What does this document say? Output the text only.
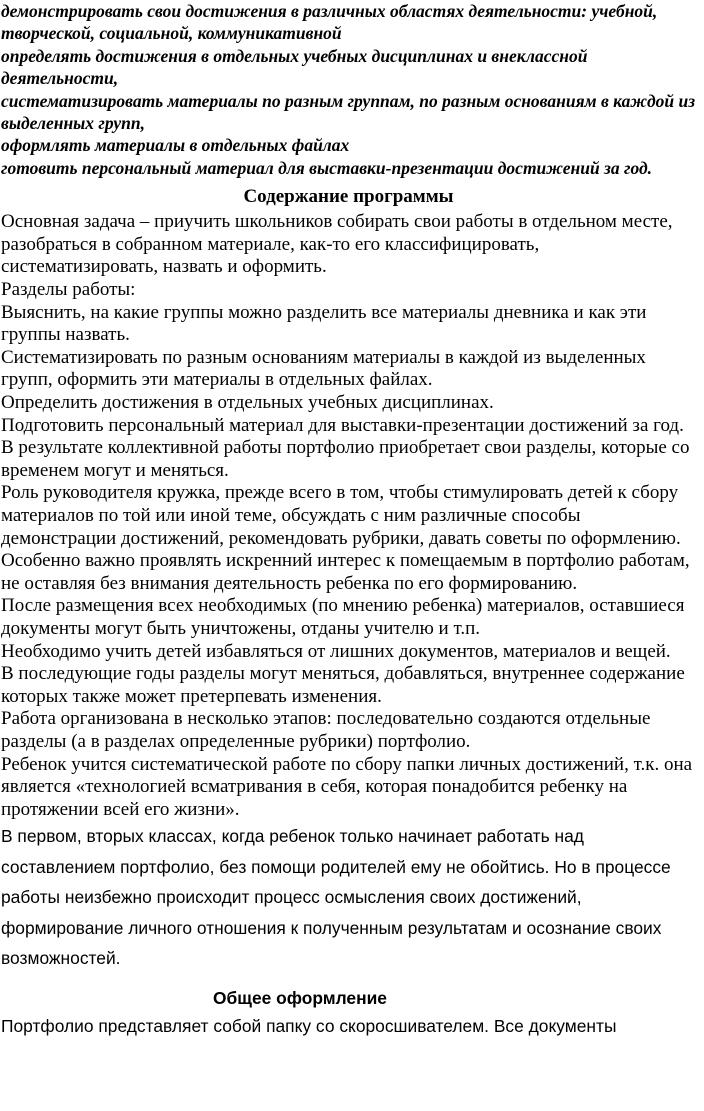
демонстрировать свои достижения в различных областях деятельности: учебной, творческой, социальной, коммуникативной

определять достижения в отдельных учебных дисциплинах и внеклассной деятельности,

систематизировать материалы по разным группам, по разным основаниям в каждой из выделенных групп,

оформлять материалы в отдельных файлах

готовить персональный материал для выставки-презентации достижений за год.

Содержание программы

Основная задача – приучить школьников собирать свои работы в отдельном месте, разобраться в собранном материале, как-то его классифицировать, систематизировать, назвать и оформить.

Разделы работы:

Выяснить, на какие группы можно разделить все материалы дневника и как эти группы назвать.

Систематизировать по разным основаниям материалы в каждой из выделенных групп, оформить эти материалы в отдельных файлах.

Определить достижения в отдельных учебных дисциплинах.

Подготовить персональный материал для выставки-презентации достижений за год.

В результате коллективной работы портфолио приобретает свои разделы, которые со временем могут и меняться.

Роль руководителя кружка, прежде всего в том, чтобы стимулировать детей к сбору материалов по той или иной теме, обсуждать с ним различные способы демонстрации достижений, рекомендовать рубрики, давать советы по оформлению.

Особенно важно проявлять искренний интерес к помещаемым в портфолио работам, не оставляя без внимания деятельность ребенка по его формированию.

После размещения всех необходимых (по мнению ребенка) материалов, оставшиеся документы могут быть уничтожены, отданы учителю и т.п.

Необходимо учить детей избавляться от лишних документов, материалов и вещей.

В последующие годы разделы могут меняться, добавляться, внутреннее содержание которых также может претерпевать изменения.

Работа организована в несколько этапов: последовательно создаются отдельные разделы (а в разделах определенные рубрики) портфолио.

Ребенок учится систематической работе по сбору папки личных достижений, т.к. она является «технологией всматривания в себя, которая понадобится ребенку на протяжении всей его жизни».

В первом, вторых классах, когда ребенок только начинает работать над составлением портфолио, без помощи родителей ему не обойтись. Но в процессе работы неизбежно происходит процесс осмысления своих достижений, формирование личного отношения к полученным результатам и осознание своих возможностей.

Общее оформление

Портфолио представляет собой папку со скоросшивателем. Все документы
